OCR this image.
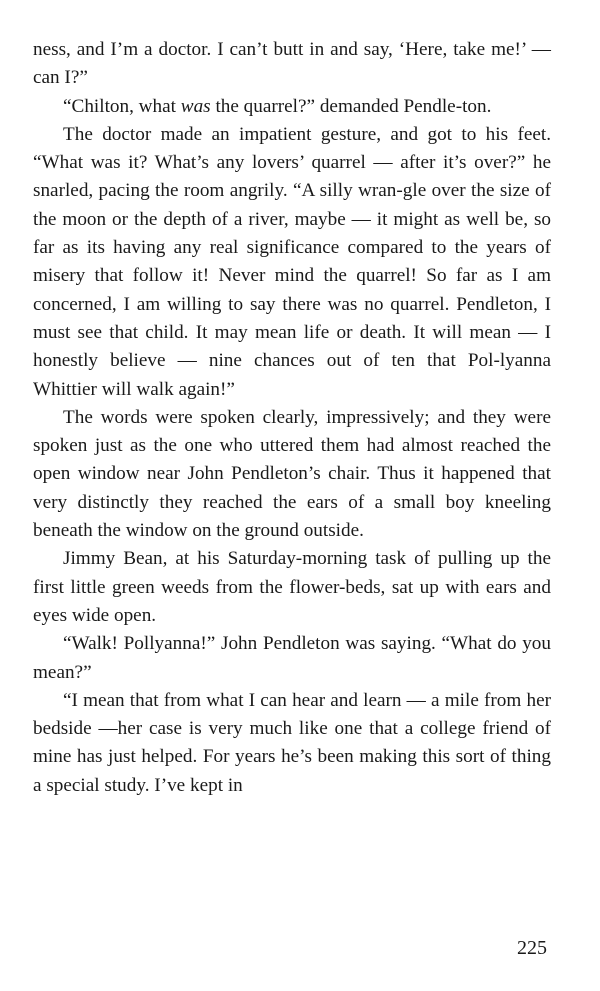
ness, and I’m a doctor. I can’t butt in and say, ‘Here, take me!’ — can I?”

“Chilton, what was the quarrel?” demanded Pendle-ton.

The doctor made an impatient gesture, and got to his feet. “What was it? What’s any lovers’ quarrel — after it’s over?” he snarled, pacing the room angrily. “A silly wran-gle over the size of the moon or the depth of a river, maybe — it might as well be, so far as its having any real significance compared to the years of misery that follow it! Never mind the quarrel! So far as I am concerned, I am willing to say there was no quarrel. Pendleton, I must see that child. It may mean life or death. It will mean — I honestly believe — nine chances out of ten that Pol-lyanna Whittier will walk again!”

The words were spoken clearly, impressively; and they were spoken just as the one who uttered them had almost reached the open window near John Pendleton’s chair. Thus it happened that very distinctly they reached the ears of a small boy kneeling beneath the window on the ground outside.

Jimmy Bean, at his Saturday-morning task of pulling up the first little green weeds from the flower-beds, sat up with ears and eyes wide open.

“Walk! Pollyanna!” John Pendleton was saying. “What do you mean?”

“I mean that from what I can hear and learn — a mile from her bedside —her case is very much like one that a college friend of mine has just helped. For years he’s been making this sort of thing a special study. I’ve kept in

225
